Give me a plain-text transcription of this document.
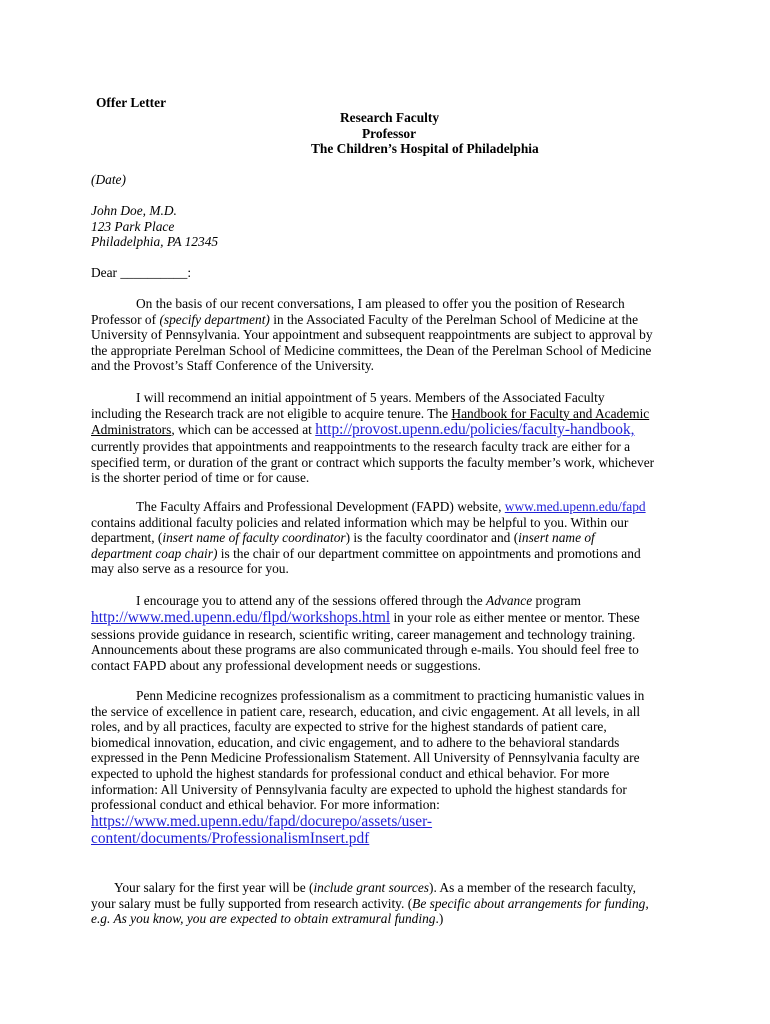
Offer Letter
Research Faculty
Professor
The Children’s Hospital of Philadelphia
(Date)
John Doe, M.D.
123 Park Place
Philadelphia, PA 12345
Dear __________:
On the basis of our recent conversations, I am pleased to offer you the position of Research
Professor of (specify department) in the Associated Faculty of the Perelman School of Medicine at the
University of Pennsylvania. Your appointment and subsequent reappointments are subject to approval by
the appropriate Perelman School of Medicine committees, the Dean of the Perelman School of Medicine
and the Provost’s Staff Conference of the University.
I will recommend an initial appointment of 5 years. Members of the Associated Faculty
including the Research track are not eligible to acquire tenure. The Handbook for Faculty and Academic
Administrators, which can be accessed at http://provost.upenn.edu/policies/faculty-handbook,
currently provides that appointments and reappointments to the research faculty track are either for a
specified term, or duration of the grant or contract which supports the faculty member’s work, whichever
is the shorter period of time or for cause.
The Faculty Affairs and Professional Development (FAPD) website, www.med.upenn.edu/fapd
contains additional faculty policies and related information which may be helpful to you. Within our
department, (insert name of faculty coordinator) is the faculty coordinator and (insert name of
department coap chair) is the chair of our department committee on appointments and promotions and
may also serve as a resource for you.
I encourage you to attend any of the sessions offered through the Advance program
http://www.med.upenn.edu/flpd/workshops.html in your role as either mentee or mentor. These
sessions provide guidance in research, scientific writing, career management and technology training.
Announcements about these programs are also communicated through e-mails. You should feel free to
contact FAPD about any professional development needs or suggestions.
Penn Medicine recognizes professionalism as a commitment to practicing humanistic values in
the service of excellence in patient care, research, education, and civic engagement. At all levels, in all
roles, and by all practices, faculty are expected to strive for the highest standards of patient care,
biomedical innovation, education, and civic engagement, and to adhere to the behavioral standards
expressed in the Penn Medicine Professionalism Statement. All University of Pennsylvania faculty are
expected to uphold the highest standards for professional conduct and ethical behavior. For more
information: All University of Pennsylvania faculty are expected to uphold the highest standards for
professional conduct and ethical behavior. For more information:
https://www.med.upenn.edu/fapd/docurepo/assets/user-
content/documents/ProfessionalismInsert.pdf
Your salary for the first year will be (include grant sources). As a member of the research faculty,
your salary must be fully supported from research activity. (Be specific about arrangements for funding,
e.g. As you know, you are expected to obtain extramural funding.)
